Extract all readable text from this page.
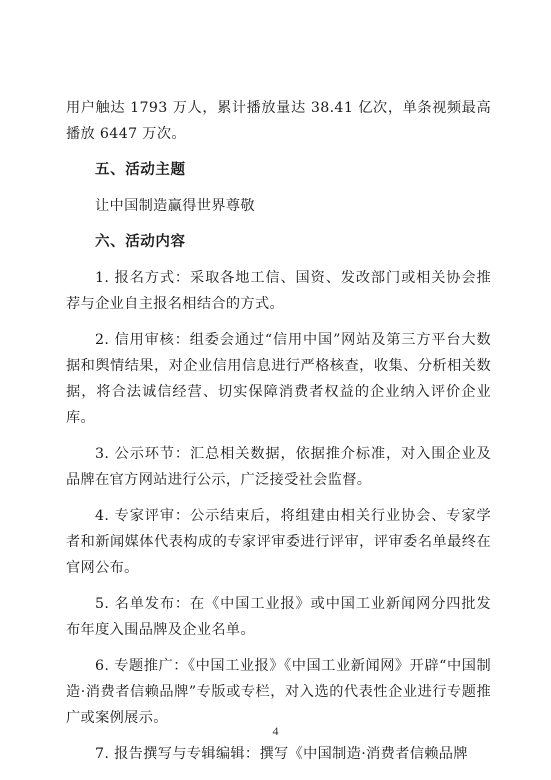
用户触达 1793 万人，累计播放量达 38.41 亿次，单条视频最高播放 6447 万次。

五、活动主题

让中国制造赢得世界尊敬

六、活动内容

1. 报名方式：采取各地工信、国资、发改部门或相关协会推荐与企业自主报名相结合的方式。

2. 信用审核：组委会通过“信用中国”网站及第三方平台大数据和舆情结果，对企业信用信息进行严格核查，收集、分析相关数据，将合法诚信经营、切实保障消费者权益的企业纳入评价企业库。

3. 公示环节：汇总相关数据，依据推介标准，对入围企业及品牌在官方网站进行公示，广泛接受社会监督。

4. 专家评审：公示结束后，将组建由相关行业协会、专家学者和新闻媒体代表构成的专家评审委进行评审，评审委名单最终在官网公布。

5. 名单发布：在《中国工业报》或中国工业新闻网分四批发布年度入围品牌及企业名单。

6. 专题推广：《中国工业报》《中国工业新闻网》开辟“中国制造·消费者信赖品牌”专版或专栏，对入选的代表性企业进行专题推广或案例展示。

7. 报告撰写与专辑编辑：撰写《中国制造·消费者信赖品牌

4
